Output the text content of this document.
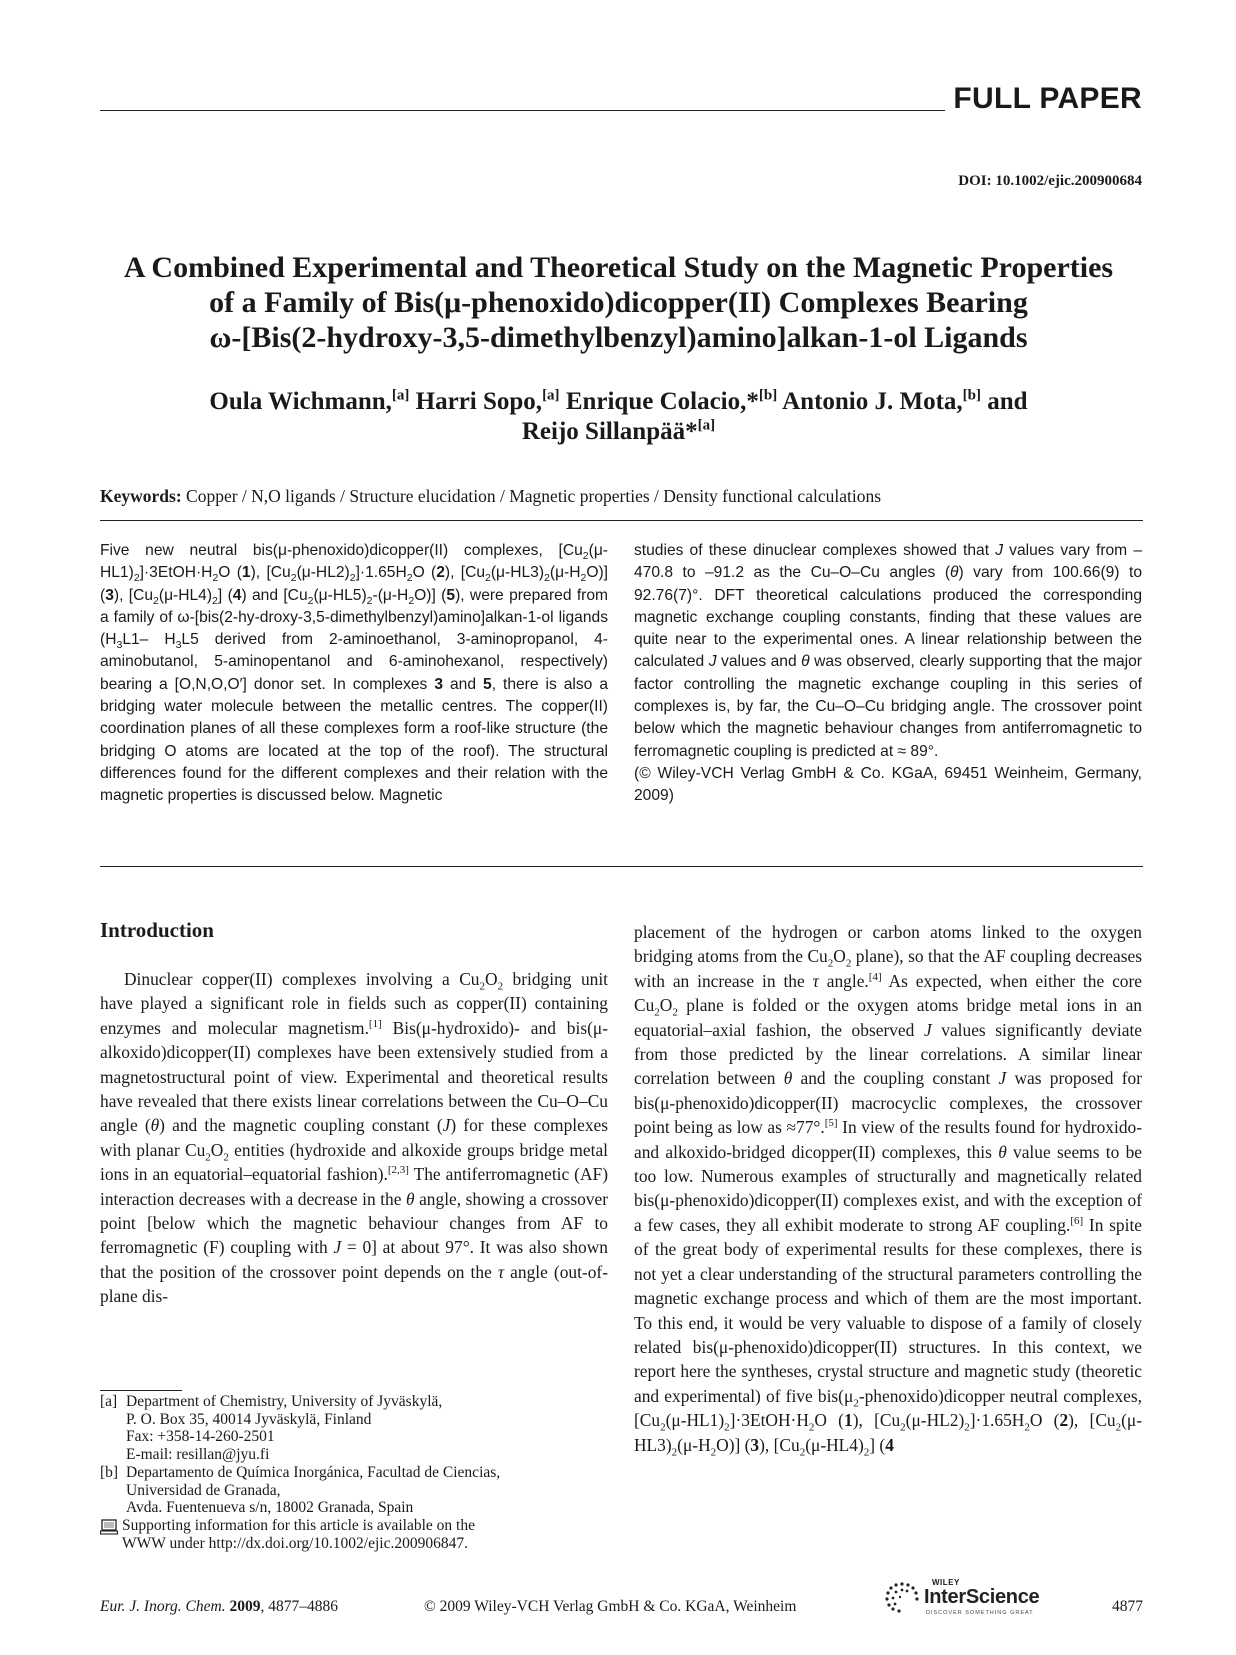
FULL PAPER
DOI: 10.1002/ejic.200900684
A Combined Experimental and Theoretical Study on the Magnetic Properties
of a Family of Bis(μ-phenoxido)dicopper(II) Complexes Bearing
ω-[Bis(2-hydroxy-3,5-dimethylbenzyl)amino]alkan-1-ol Ligands
Oula Wichmann,[a] Harri Sopo,[a] Enrique Colacio,*[b] Antonio J. Mota,[b] and
Reijo Sillanpää*[a]
Keywords: Copper / N,O ligands / Structure elucidation / Magnetic properties / Density functional calculations
Five new neutral bis(μ-phenoxido)dicopper(II) complexes, $[Cu_2(\mu-HL1)_2]\cdot 3EtOH\cdot H_2O$ (1), $[Cu_2(\mu-HL2)_2]\cdot 1.65H_2O$ (2), $[Cu_2(\mu-HL3)_2(\mu-H_2O)]$ (3), $[Cu_2(\mu-HL4)_2]$ (4) and $[Cu_2(\mu-HL5)_2-(\mu-H_2O)]$ (5), were prepared from a family of ω-[bis(2-hy-droxy-3,5-dimethylbenzyl)amino]alkan-1-ol ligands ($H_3L1-$ $H_3L5$ derived from 2-aminoethanol, 3-aminopropanol, 4- aminobutanol, 5-aminopentanol and 6-aminohexanol, respectively) bearing a [O,N,O,O′] donor set. In complexes 3 and 5, there is also a bridging water molecule between the metallic centres. The copper(II) coordination planes of all these complexes form a roof-like structure (the bridging O atoms are located at the top of the roof). The structural differences found for the different complexes and their relation with the magnetic properties is discussed below. Magnetic
studies of these dinuclear complexes showed that J values vary from –470.8 to –91.2 as the Cu–O–Cu angles (θ) vary from 100.66(9) to 92.76(7)°. DFT theoretical calculations produced the corresponding magnetic exchange coupling constants, finding that these values are quite near to the experimental ones. A linear relationship between the calculated J values and θ was observed, clearly supporting that the major factor controlling the magnetic exchange coupling in this series of complexes is, by far, the Cu–O–Cu bridging angle. The crossover point below which the magnetic behaviour changes from antiferromagnetic to ferromagnetic coupling is predicted at ≈ 89°.
(© Wiley-VCH Verlag GmbH & Co. KGaA, 69451 Weinheim, Germany, 2009)
Introduction
Dinuclear copper(II) complexes involving a $Cu_2O_2$ bridging unit have played a significant role in fields such as copper(II) containing enzymes and molecular magnetism.[1] Bis(μ-hydroxido)- and bis(μ-alkoxido)dicopper(II) complexes have been extensively studied from a magnetostructural point of view. Experimental and theoretical results have revealed that there exists linear correlations between the Cu–O–Cu angle (θ) and the magnetic coupling constant (J) for these complexes with planar $Cu_2O_2$ entities (hydroxide and alkoxide groups bridge metal ions in an equatorial–equatorial fashion).[2,3] The antiferromagnetic (AF) interaction decreases with a decrease in the θ angle, showing a crossover point [below which the magnetic behaviour changes from AF to ferromagnetic (F) coupling with J = 0] at about 97°. It was also shown that the position of the crossover point depends on the τ angle (out-of-plane dis-
placement of the hydrogen or carbon atoms linked to the oxygen bridging atoms from the $Cu_2O_2$ plane), so that the AF coupling decreases with an increase in the τ angle.[4] As expected, when either the core $Cu_2O_2$ plane is folded or the oxygen atoms bridge metal ions in an equatorial–axial fashion, the observed J values significantly deviate from those predicted by the linear correlations. A similar linear correlation between θ and the coupling constant J was proposed for bis(μ-phenoxido)dicopper(II) macrocyclic complexes, the crossover point being as low as ≈77°.[5] In view of the results found for hydroxido- and alkoxido-bridged dicopper(II) complexes, this θ value seems to be too low. Numerous examples of structurally and magnetically related bis(μ-phenoxido)dicopper(II) complexes exist, and with the exception of a few cases, they all exhibit moderate to strong AF coupling.[6] In spite of the great body of experimental results for these complexes, there is not yet a clear understanding of the structural parameters controlling the magnetic exchange process and which of them are the most important. To this end, it would be very valuable to dispose of a family of closely related bis(μ-phenoxido)dicopper(II) structures. In this context, we report here the syntheses, crystal structure and magnetic study (theoretic and experimental) of five $bis(\mu_2-phenoxido)dicopper$ neutral complexes, $[Cu_2(\mu-HL1)_2]\cdot 3EtOH\cdot H_2O$ (1), $[Cu_2(\mu-HL2)_2]\cdot 1.65H_2O$ (2), $[Cu_2(\mu-HL3)_2(\mu-H_2O)]$ (3), $[Cu_2(\mu-HL4)_2]$ (4
[a] Department of Chemistry, University of Jyväskylä,
P. O. Box 35, 40014 Jyväskylä, Finland
Fax: +358-14-260-2501
E-mail: resillan@jyu.fi
[b] Departamento de Química Inorgánica, Facultad de Ciencias,
Universidad de Granada,
Avda. Fuentenueva s/n, 18002 Granada, Spain
Supporting information for this article is available on the
WWW under http://dx.doi.org/10.1002/ejic.200906847.
Eur. J. Inorg. Chem. 2009, 4877–4886	© 2009 Wiley-VCH Verlag GmbH & Co. KGaA, Weinheim
WILEY
InterScience
DISCOVER SOMETHING GREAT	4877
